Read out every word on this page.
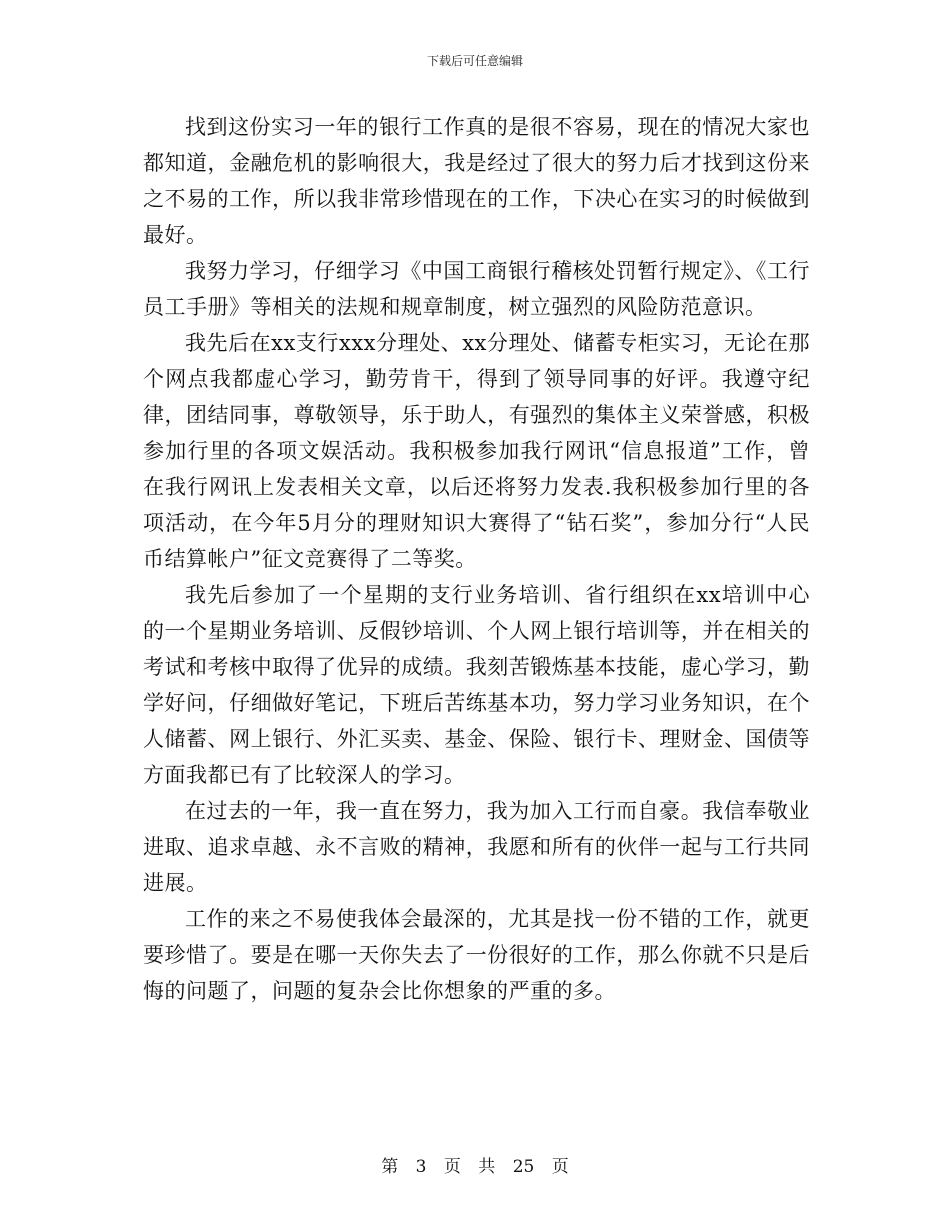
下载后可任意编辑

找到这份实习一年的银行工作真的是很不容易，现在的情况大家也都知道，金融危机的影响很大，我是经过了很大的努力后才找到这份来之不易的工作，所以我非常珍惜现在的工作，下决心在实习的时候做到最好。

我努力学习，仔细学习《中国工商银行稽核处罚暂行规定》、《工行员工手册》等相关的法规和规章制度，树立强烈的风险防范意识。

我先后在xx支行xxx分理处、xx分理处、储蓄专柜实习，无论在那个网点我都虚心学习，勤劳肯干，得到了领导同事的好评。我遵守纪律，团结同事，尊敬领导，乐于助人，有强烈的集体主义荣誉感，积极参加行里的各项文娱活动。我积极参加我行网讯“信息报道”工作，曾在我行网讯上发表相关文章，以后还将努力发表.我积极参加行里的各项活动，在今年5月分的理财知识大赛得了“钻石奖”，参加分行“人民币结算帐户”征文竞赛得了二等奖。

我先后参加了一个星期的支行业务培训、省行组织在xx培训中心的一个星期业务培训、反假钞培训、个人网上银行培训等，并在相关的考试和考核中取得了优异的成绩。我刻苦锻炼基本技能，虚心学习，勤学好问，仔细做好笔记，下班后苦练基本功，努力学习业务知识，在个人储蓄、网上银行、外汇买卖、基金、保险、银行卡、理财金、国债等方面我都已有了比较深人的学习。

在过去的一年，我一直在努力，我为加入工行而自豪。我信奉敬业进取、追求卓越、永不言败的精神，我愿和所有的伙伴一起与工行共同进展。

工作的来之不易使我体会最深的，尤其是找一份不错的工作，就更要珍惜了。要是在哪一天你失去了一份很好的工作，那么你就不只是后悔的问题了，问题的复杂会比你想象的严重的多。

第 3 页 共 25 页
